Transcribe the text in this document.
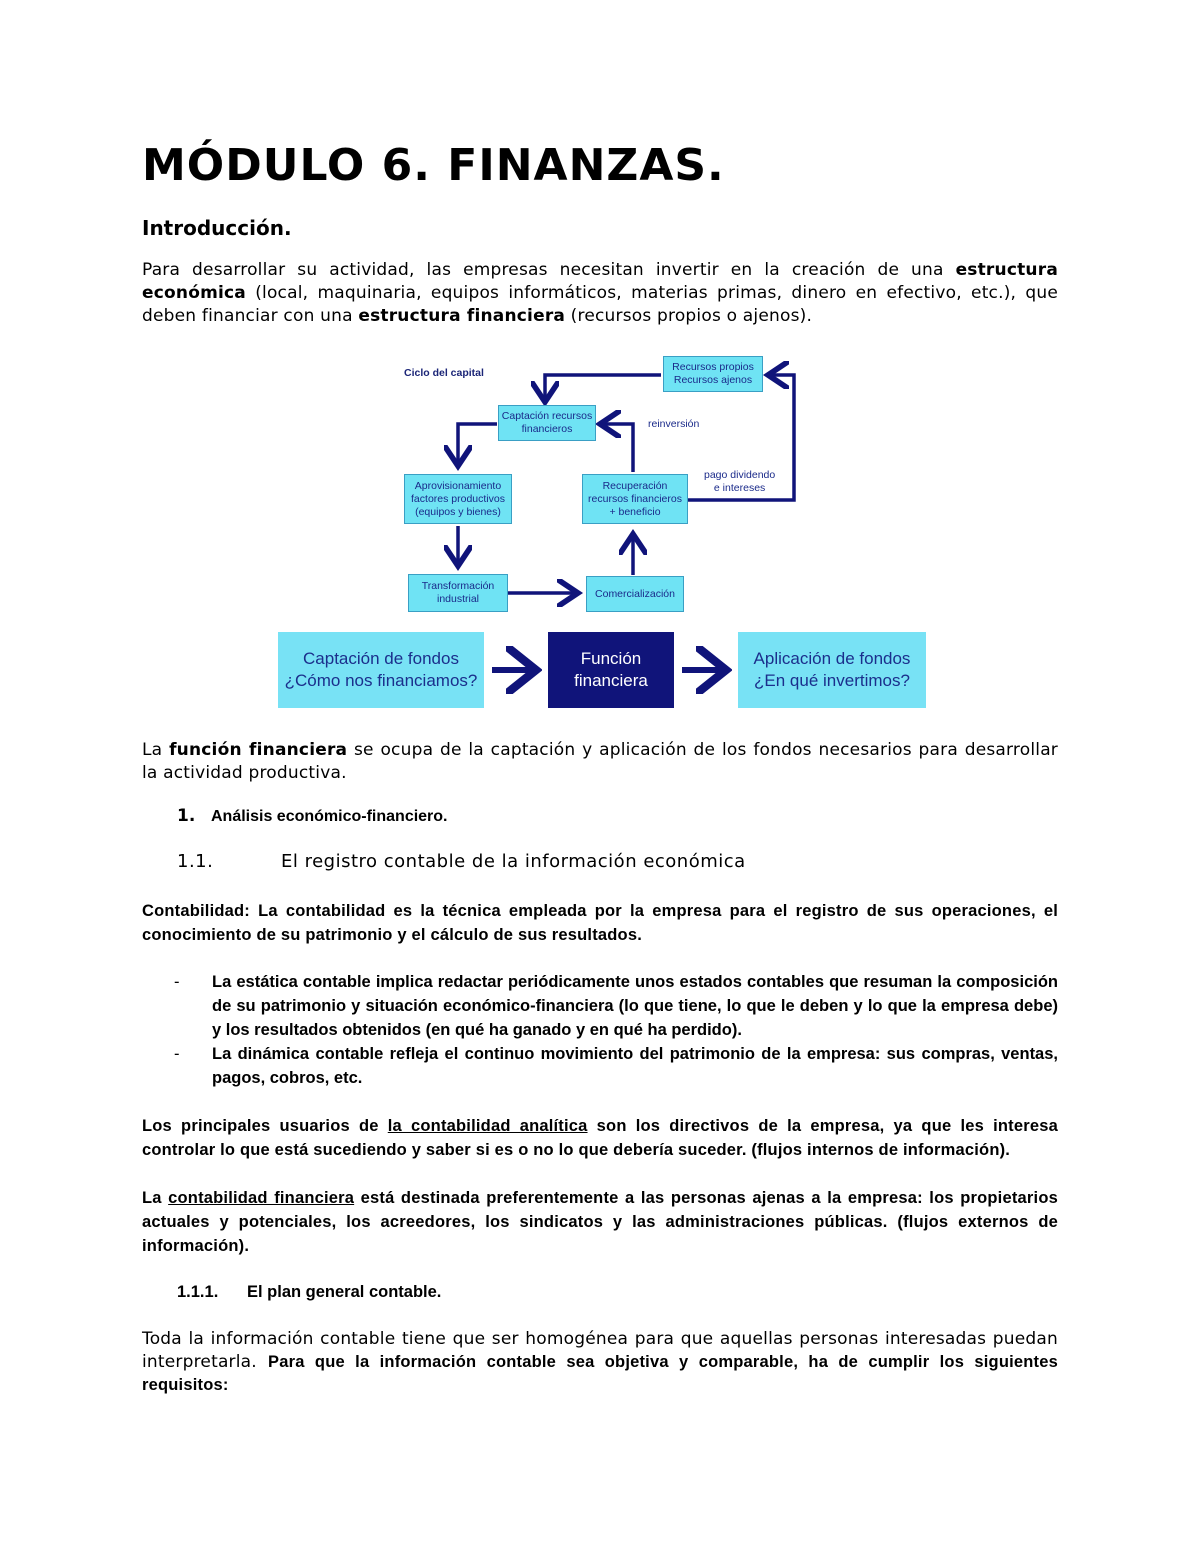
MÓDULO 6. FINANZAS.
Introducción.

Para desarrollar su actividad, las empresas necesitan invertir en la creación de una estructura económica (local, maquinaria, equipos informáticos, materias primas, dinero en efectivo, etc.), que deben financiar con una estructura financiera (recursos propios o ajenos).

Ciclo del capital	Recursos propios
Recursos ajenos
Captación recursos
financieros	reinversión
Aprovisionamiento
factores productivos
(equipos y bienes)
Recuperación
recursos financieros
+ beneficio
pago dividendo
e intereses
Transformación
industrial	Comercialización
Captación de fondos
¿Cómo nos financiamos?
Función
financiera
Aplicación de fondos
¿En qué invertimos?

La función financiera se ocupa de la captación y aplicación de los fondos necesarios para desarrollar la actividad productiva.

1. Análisis económico-financiero.
1.1.	El registro contable de la información económica

Contabilidad: La contabilidad es la técnica empleada por la empresa para el registro de sus operaciones, el conocimiento de su patrimonio y el cálculo de sus resultados.

- La estática contable implica redactar periódicamente unos estados contables que resuman la composición de su patrimonio y situación económico-financiera (lo que tiene, lo que le deben y lo que la empresa debe) y los resultados obtenidos (en qué ha ganado y en qué ha perdido).
- La dinámica contable refleja el continuo movimiento del patrimonio de la empresa: sus compras, ventas, pagos, cobros, etc.

Los principales usuarios de la contabilidad analítica son los directivos de la empresa, ya que les interesa controlar lo que está sucediendo y saber si es o no lo que debería suceder. (flujos internos de información).

La contabilidad financiera está destinada preferentemente a las personas ajenas a la empresa: los propietarios actuales y potenciales, los acreedores, los sindicatos y las administraciones públicas. (flujos externos de información).

1.1.1. El plan general contable.

Toda la información contable tiene que ser homogénea para que aquellas personas interesadas puedan interpretarla. Para que la información contable sea objetiva y comparable, ha de cumplir los siguientes requisitos:
